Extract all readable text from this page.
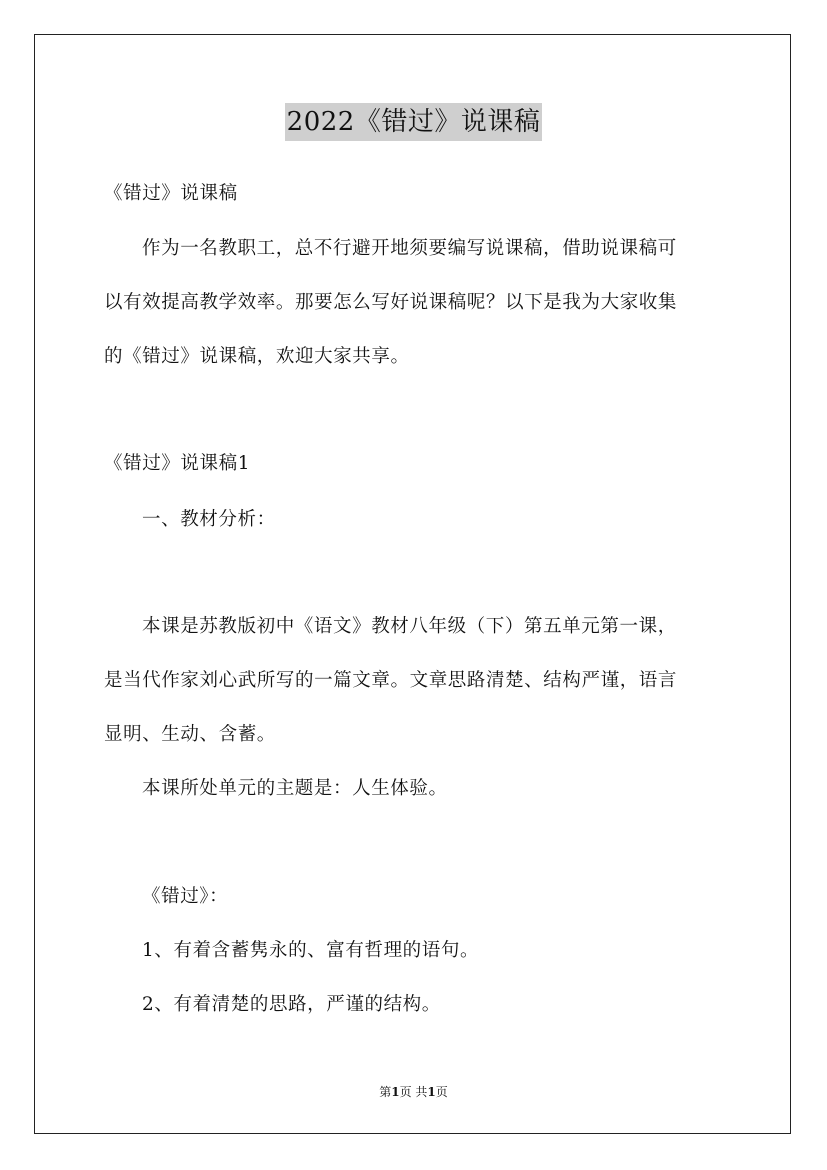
2022《错过》说课稿
《错过》说课稿
作为一名教职工，总不行避开地须要编写说课稿，借助说课稿可
以有效提高教学效率。那要怎么写好说课稿呢？以下是我为大家收集
的《错过》说课稿，欢迎大家共享。
《错过》说课稿1
一、教材分析：
本课是苏教版初中《语文》教材八年级（下）第五单元第一课，
是当代作家刘心武所写的一篇文章。文章思路清楚、结构严谨，语言
显明、生动、含蓄。
本课所处单元的主题是：人生体验。
《错过》：
1、有着含蓄隽永的、富有哲理的语句。
2、有着清楚的思路，严谨的结构。
第1页 共1页
